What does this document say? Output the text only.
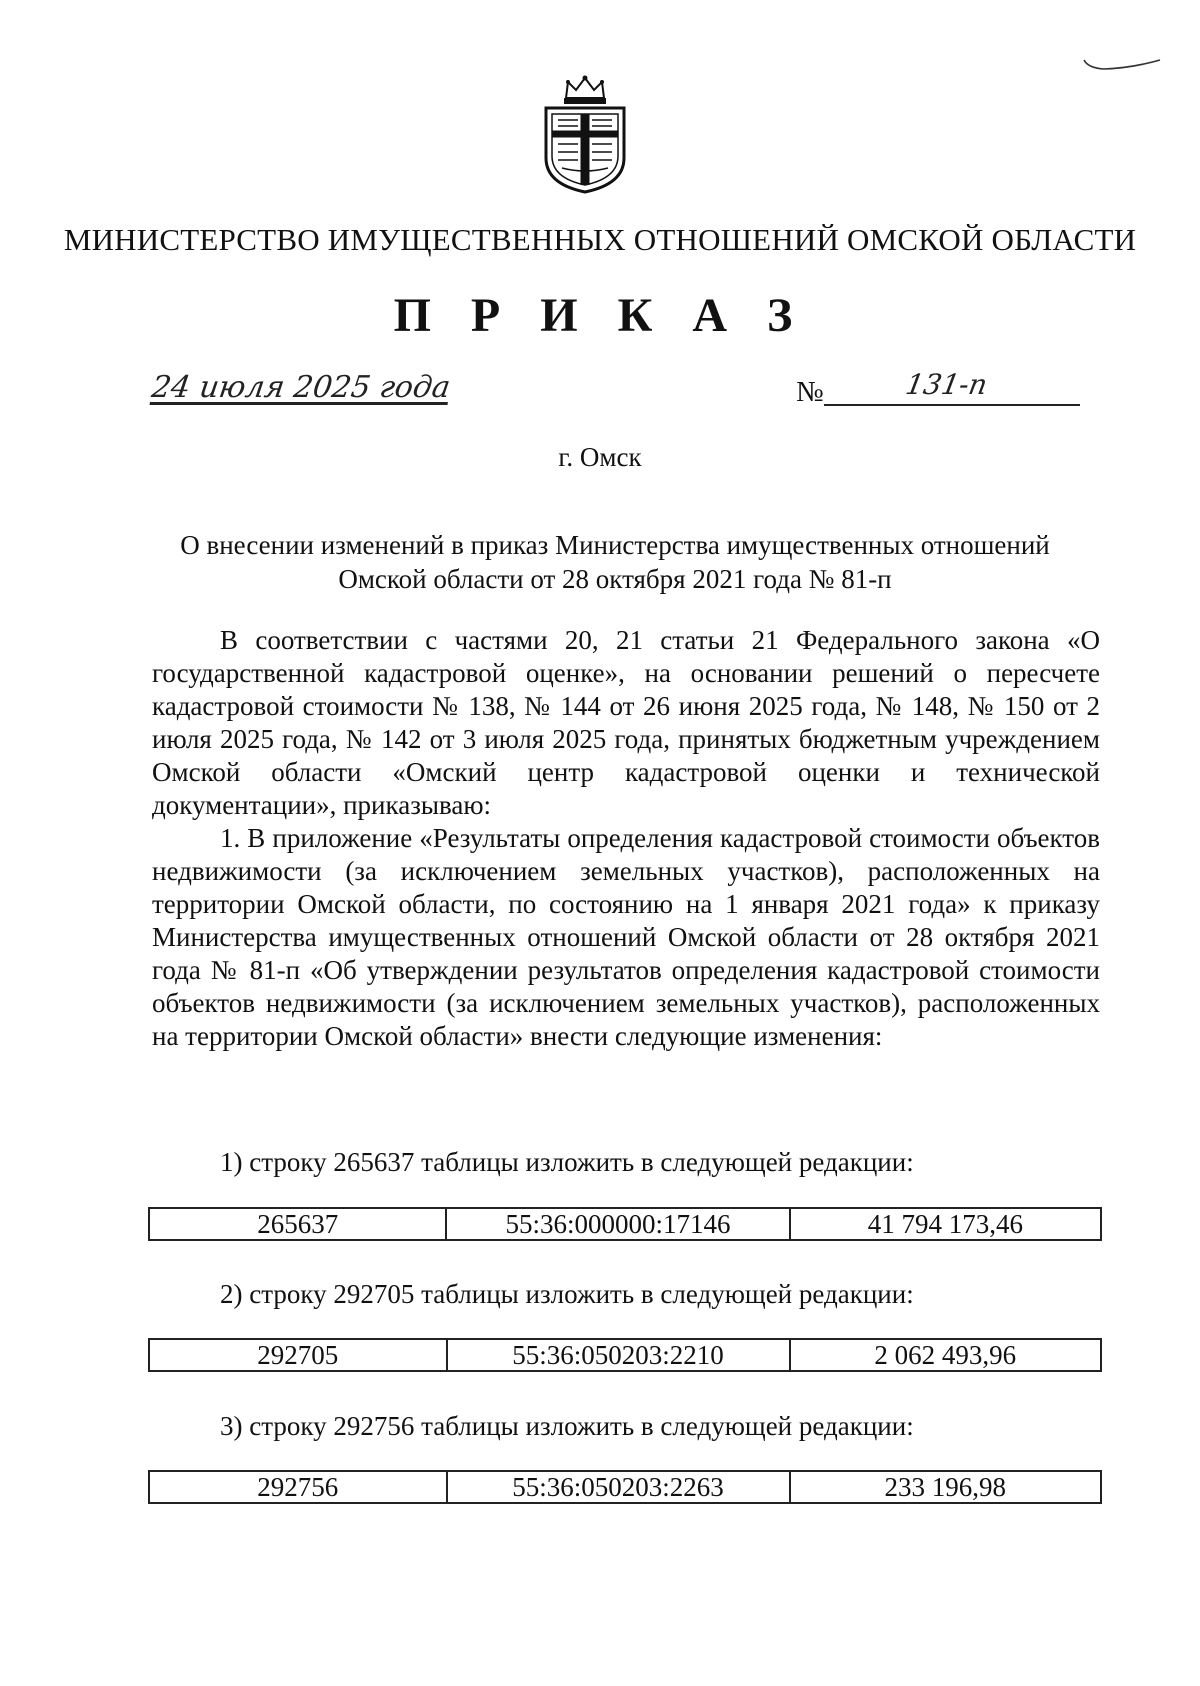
МИНИСТЕРСТВО ИМУЩЕСТВЕННЫХ ОТНОШЕНИЙ ОМСКОЙ ОБЛАСТИ
П Р И К А З
24 июля 2025 года	№	131-п
г. Омск
О внесении изменений в приказ Министерства имущественных отношений
Омской области от 28 октября 2021 года № 81-п

В соответствии с частями 20, 21 статьи 21 Федерального закона «О государственной кадастровой оценке», на основании решений о пересчете кадастровой стоимости № 138, № 144 от 26 июня 2025 года, № 148, № 150 от 2 июля 2025 года, № 142 от 3 июля 2025 года, принятых бюджетным учреждением Омской области «Омский центр кадастровой оценки и технической документации», приказываю:

1. В приложение «Результаты определения кадастровой стоимости объектов недвижимости (за исключением земельных участков), расположенных на территории Омской области, по состоянию на 1 января 2021 года» к приказу Министерства имущественных отношений Омской области от 28 октября 2021 года № 81-п «Об утверждении результатов определения кадастровой стоимости объектов недвижимости (за исключением земельных участков), расположенных на территории Омской области» внести следующие изменения:

1) строку 265637 таблицы изложить в следующей редакции:
265637	55:36:000000:17146	41 794 173,46
2) строку 292705 таблицы изложить в следующей редакции:
292705	55:36:050203:2210	2 062 493,96
3) строку 292756 таблицы изложить в следующей редакции:
292756	55:36:050203:2263	233 196,98
